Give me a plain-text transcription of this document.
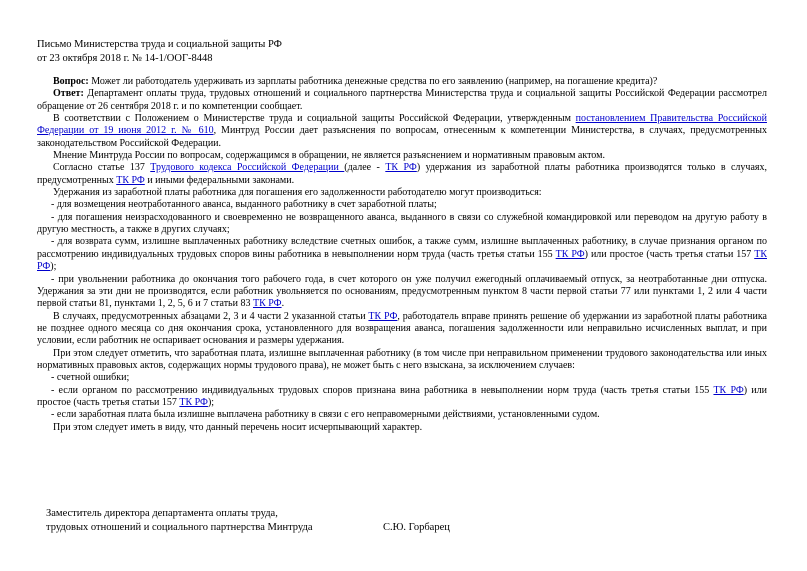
Письмо Министерства труда и социальной защиты РФ
от 23 октября 2018 г. № 14-1/ООГ-8448

Вопрос: Может ли работодатель удерживать из зарплаты работника денежные средства по его заявлению (например, на погашение кредита)?

Ответ: Департамент оплаты труда, трудовых отношений и социального партнерства Министерства труда и социальной защиты Российской Федерации рассмотрел обращение от 26 сентября 2018 г. и по компетенции сообщает.

В соответствии с Положением о Министерстве труда и социальной защиты Российской Федерации, утвержденным постановлением Правительства Российской Федерации от 19 июня 2012 г. № 610, Минтруд России дает разъяснения по вопросам, отнесенным к компетенции Министерства, в случаях, предусмотренных законодательством Российской Федерации.

Мнение Минтруда России по вопросам, содержащимся в обращении, не является разъяснением и нормативным правовым актом.

Согласно статье 137 Трудового кодекса Российской Федерации (далее - ТК РФ) удержания из заработной платы работника производятся только в случаях, предусмотренных ТК РФ и иными федеральными законами.

Удержания из заработной платы работника для погашения его задолженности работодателю могут производиться:

- для возмещения неотработанного аванса, выданного работнику в счет заработной платы;

- для погашения неизрасходованного и своевременно не возвращенного аванса, выданного в связи со служебной командировкой или переводом на другую работу в другую местность, а также в других случаях;

- для возврата сумм, излишне выплаченных работнику вследствие счетных ошибок, а также сумм, излишне выплаченных работнику, в случае признания органом по рассмотрению индивидуальных трудовых споров вины работника в невыполнении норм труда (часть третья статьи 155 ТК РФ) или простое (часть третья статьи 157 ТК РФ);

- при увольнении работника до окончания того рабочего года, в счет которого он уже получил ежегодный оплачиваемый отпуск, за неотработанные дни отпуска. Удержания за эти дни не производятся, если работник увольняется по основаниям, предусмотренным пунктом 8 части первой статьи 77 или пунктами 1, 2 или 4 части первой статьи 81, пунктами 1, 2, 5, 6 и 7 статьи 83 ТК РФ.

В случаях, предусмотренных абзацами 2, 3 и 4 части 2 указанной статьи ТК РФ, работодатель вправе принять решение об удержании из заработной платы работника не позднее одного месяца со дня окончания срока, установленного для возвращения аванса, погашения задолженности или неправильно исчисленных выплат, и при условии, если работник не оспаривает основания и размеры удержания.

При этом следует отметить, что заработная плата, излишне выплаченная работнику (в том числе при неправильном применении трудового законодательства или иных нормативных правовых актов, содержащих нормы трудового права), не может быть с него взыскана, за исключением случаев:

- счетной ошибки;

- если органом по рассмотрению индивидуальных трудовых споров признана вина работника в невыполнении норм труда (часть третья статьи 155 ТК РФ) или простое (часть третья статьи 157 ТК РФ);

- если заработная плата была излишне выплачена работнику в связи с его неправомерными действиями, установленными судом.

При этом следует иметь в виду, что данный перечень носит исчерпывающий характер.

Заместитель директора департамента оплаты труда,
трудовых отношений и социального партнерства Минтруда	С.Ю. Горбарец
